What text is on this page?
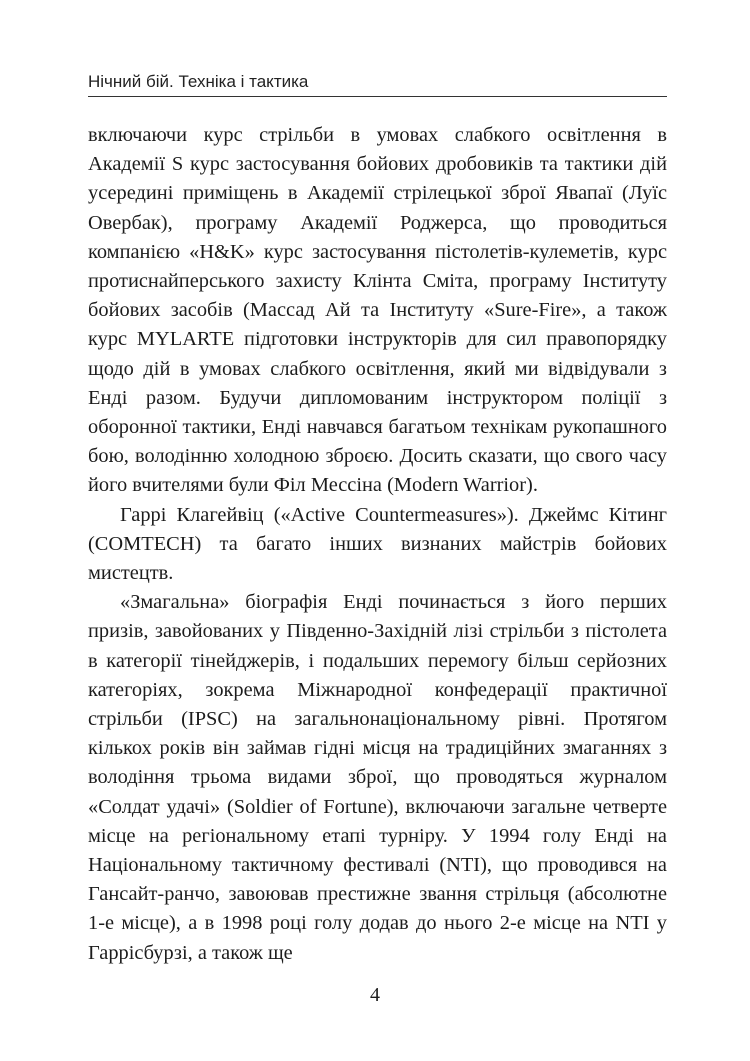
Нічний бій. Техніка і тактика

включаючи курс стрільби в умовах слабкого освітлення в Академії S курс застосування бойових дробовиків та тактики дій усередині приміщень в Академії стрілецької зброї Явапаї (Луїс Овербак), програму Академії Роджерса, що проводиться компанією «H&K» курс застосування пістолетів-кулеметів, курс протиснайперського захисту Клінта Сміта, програму Інституту бойових засобів (Массад Ай та Інституту «Sure-Fire», а також курс MYLARTE підготовки інструкторів для сил правопорядку щодо дій в умовах слабкого освітлення, який ми відвідували з Енді разом. Будучи дипломованим інструктором поліції з оборонної тактики, Енді навчався багатьом технікам рукопашного бою, володінню холодною зброєю. Досить сказати, що свого часу його вчителями були Філ Мессіна (Modern Warrior).

Гаррі Клагейвіц («Active Countermeasures»). Джеймс Кітинг (COMTECH) та багато інших визнаних майстрів бойових мистецтв.

«Змагальна» біографія Енді починається з його перших призів, завойованих у Південно-Західній лізі стрільби з пістолета в категорії тінейджерів, і подальших перемогу більш серйозних категоріях, зокрема Міжнародної конфедерації практичної стрільби (IPSC) на загальнонаціональному рівні. Протягом кількох років він займав гідні місця на традиційних змаганнях з володіння трьома видами зброї, що проводяться журналом «Солдат удачі» (Soldier of Fortune), включаючи загальне четверте місце на регіональному етапі турніру. У 1994 голу Енді на Національному тактичному фестивалі (NTI), що проводився на Гансайт-ранчо, завоював престижне звання стрільця (абсолютне 1-е місце), а в 1998 році голу додав до нього 2-е місце на NTI у Гаррісбурзі, а також ще

4
